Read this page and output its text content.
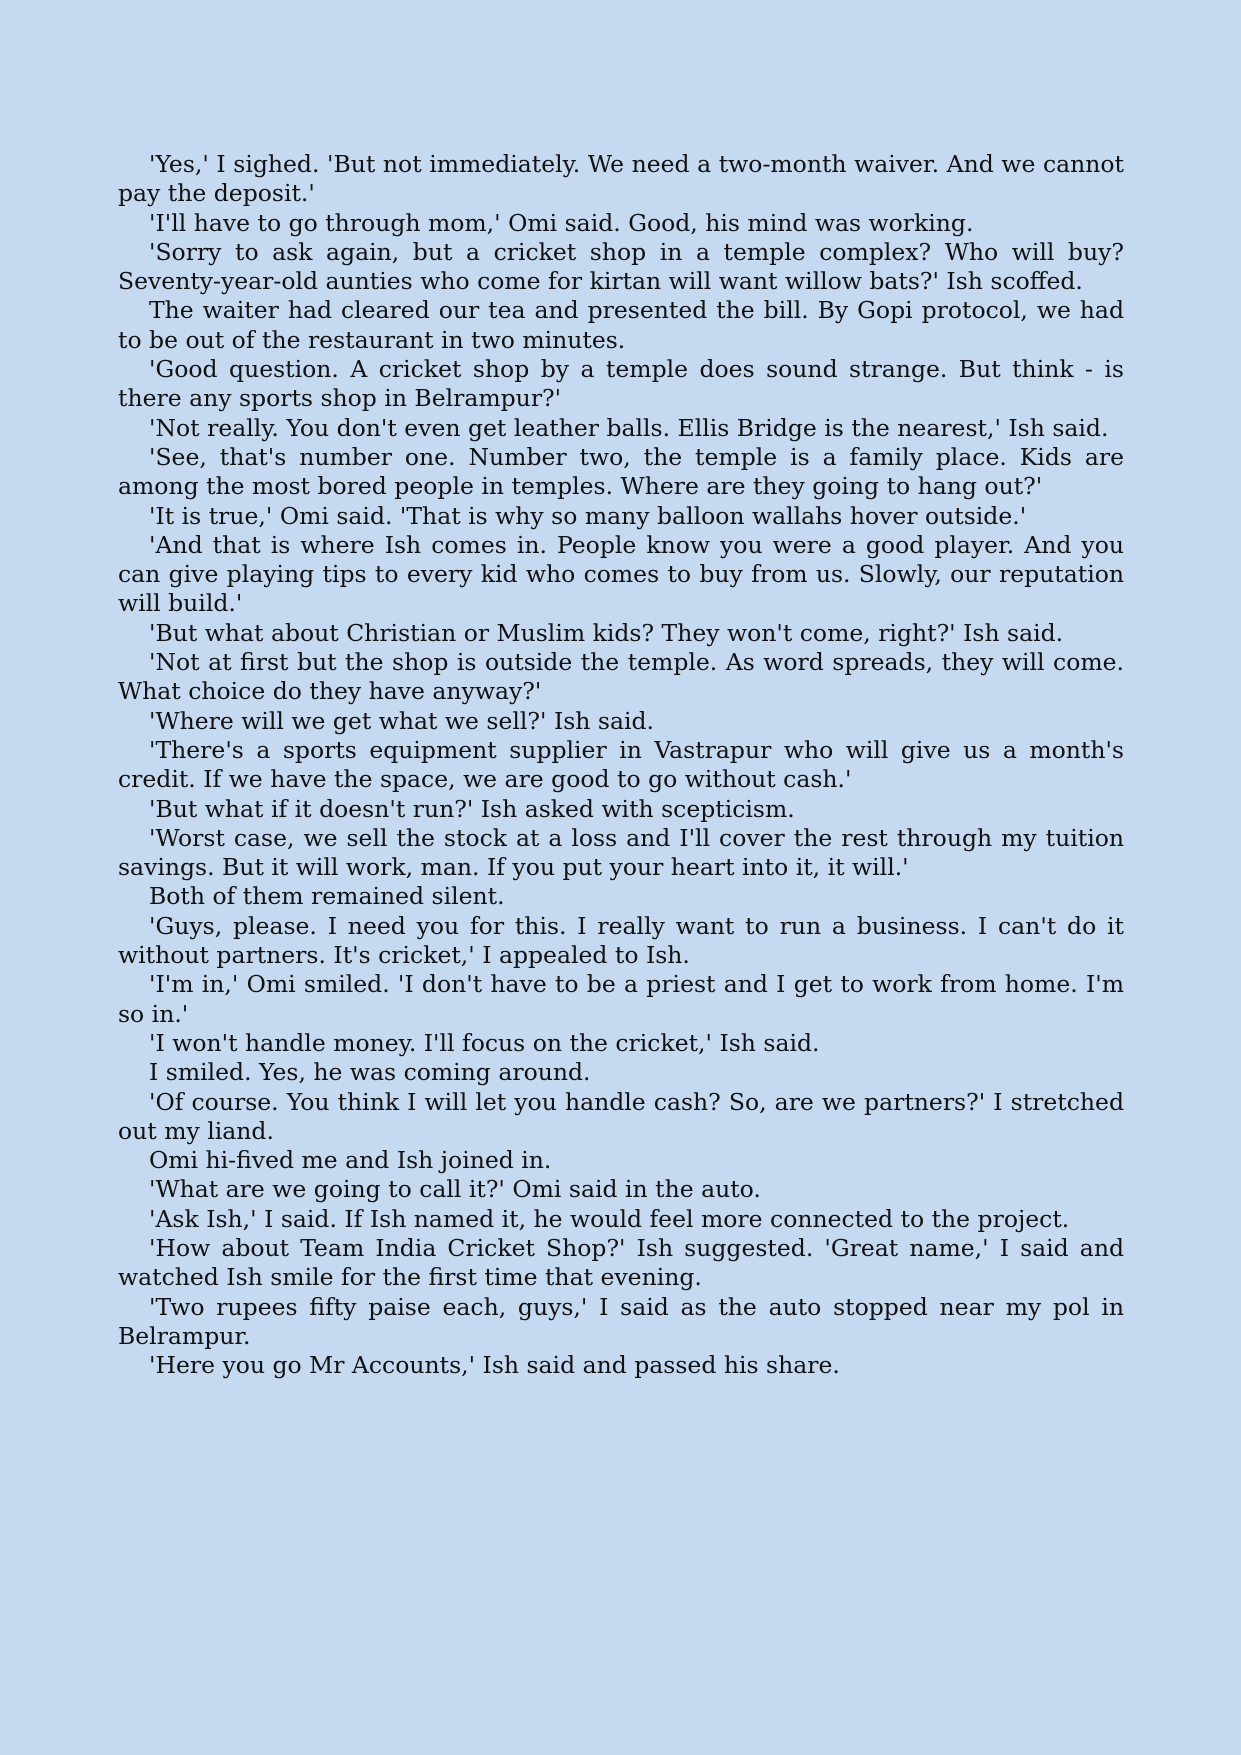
'Yes,' I sighed. 'But not immediately. We need a two-month waiver. And we cannot pay the deposit.'

'I'll have to go through mom,' Omi said. Good, his mind was working.

'Sorry to ask again, but a cricket shop in a temple complex? Who will buy? Seventy-year-old aunties who come for kirtan will want willow bats?' Ish scoffed.

The waiter had cleared our tea and presented the bill. By Gopi protocol, we had to be out of the restaurant in two minutes.

'Good question. A cricket shop by a temple does sound strange. But think - is there any sports shop in Belrampur?'

'Not really. You don't even get leather balls. Ellis Bridge is the nearest,' Ish said.

'See, that's number one. Number two, the temple is a family place. Kids are among the most bored people in temples. Where are they going to hang out?'

'It is true,' Omi said. 'That is why so many balloon wallahs hover outside.'

'And that is where Ish comes in. People know you were a good player. And you can give playing tips to every kid who comes to buy from us. Slowly, our reputation will build.'

'But what about Christian or Muslim kids? They won't come, right?' Ish said.

'Not at first but the shop is outside the temple. As word spreads, they will come. What choice do they have anyway?'

'Where will we get what we sell?' Ish said.

'There's a sports equipment supplier in Vastrapur who will give us a month's credit. If we have the space, we are good to go without cash.'

'But what if it doesn't run?' Ish asked with scepticism.

'Worst case, we sell the stock at a loss and I'll cover the rest through my tuition savings. But it will work, man. If you put your heart into it, it will.'

Both of them remained silent.

'Guys, please. I need you for this. I really want to run a business. I can't do it without partners. It's cricket,' I appealed to Ish.

'I'm in,' Omi smiled. 'I don't have to be a priest and I get to work from home. I'm so in.'

'I won't handle money. I'll focus on the cricket,' Ish said.

I smiled. Yes, he was coming around.

'Of course. You think I will let you handle cash? So, are we partners?' I stretched out my liand.

Omi hi-fived me and Ish joined in.

'What are we going to call it?' Omi said in the auto.

'Ask Ish,' I said. If Ish named it, he would feel more connected to the project.

'How about Team India Cricket Shop?' Ish suggested. 'Great name,' I said and watched Ish smile for the first time that evening.

'Two rupees fifty paise each, guys,' I said as the auto stopped near my pol in Belrampur.

'Here you go Mr Accounts,' Ish said and passed his share.
